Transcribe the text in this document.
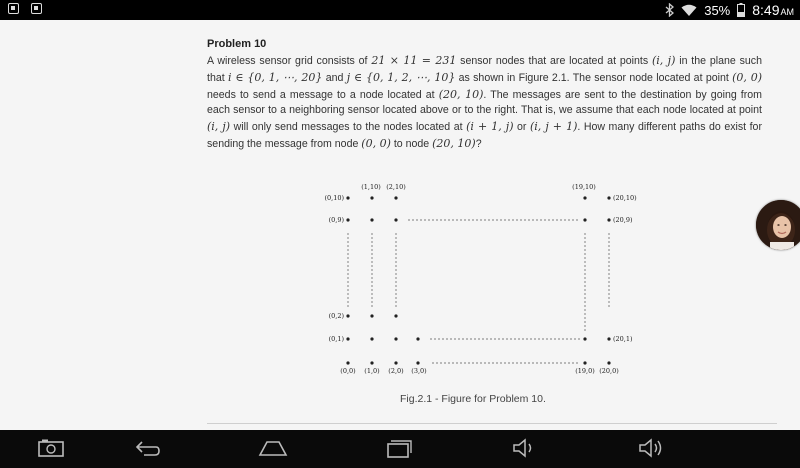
35% 8:49AM
Problem 10
A wireless sensor grid consists of 21 × 11 = 231 sensor nodes that are located at points (i, j) in the plane such that i ∈ {0, 1, ⋯, 20} and j ∈ {0, 1, 2, ⋯, 10} as shown in Figure 2.1. The sensor node located at point (0, 0) needs to send a message to a node located at (20, 10). The messages are sent to the destination by going from each sensor to a neighboring sensor located above or to the right. That is, we assume that each node located at point (i, j) will only send messages to the nodes located at (i + 1, j) or (i, j + 1). How many different paths do exist for sending the message from node (0, 0) to node (20, 10)?
(0,10)
(1,10) (2,10)	(19,10)
(20,10)
(0,9)	(20,9)
(0,2)
(0,1)	(20,1)
(0,0) (1,0) (2,0) (3,0)	(19,0) (20,0)
Fig.2.1 - Figure for Problem 10.
